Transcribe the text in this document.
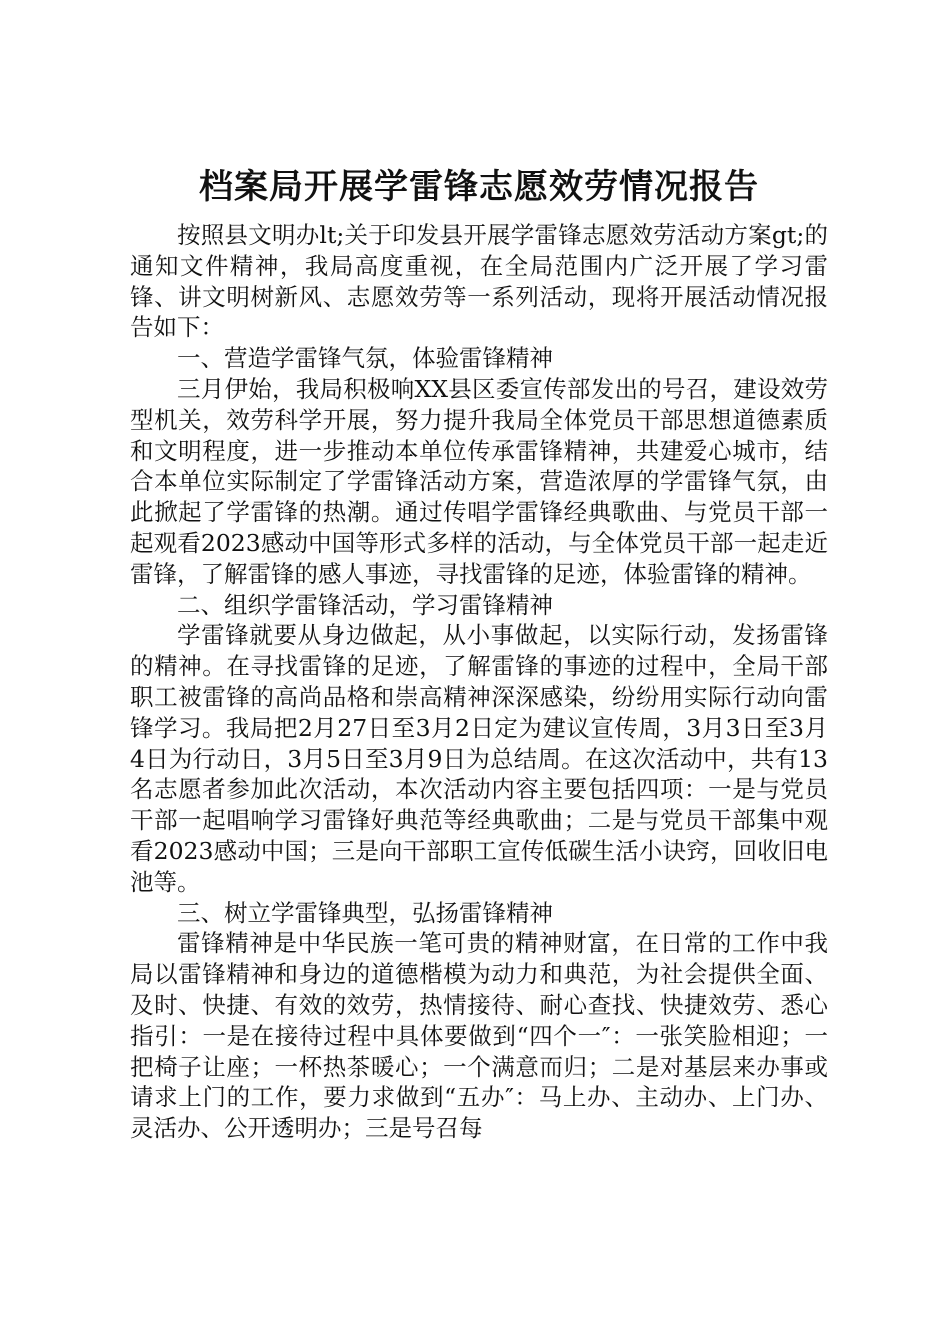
档案局开展学雷锋志愿效劳情况报告

按照县文明办lt;关于印发县开展学雷锋志愿效劳活动方案gt;的通知文件精神，我局高度重视，在全局范围内广泛开展了学习雷锋、讲文明树新风、志愿效劳等一系列活动，现将开展活动情况报告如下：

一、营造学雷锋气氛，体验雷锋精神

三月伊始，我局积极响XX县区委宣传部发出的号召，建设效劳型机关，效劳科学开展，努力提升我局全体党员干部思想道德素质和文明程度，进一步推动本单位传承雷锋精神，共建爱心城市，结合本单位实际制定了学雷锋活动方案，营造浓厚的学雷锋气氛，由此掀起了学雷锋的热潮。通过传唱学雷锋经典歌曲、与党员干部一起观看2023感动中国等形式多样的活动，与全体党员干部一起走近雷锋，了解雷锋的感人事迹，寻找雷锋的足迹，体验雷锋的精神。

二、组织学雷锋活动，学习雷锋精神

学雷锋就要从身边做起，从小事做起，以实际行动，发扬雷锋的精神。在寻找雷锋的足迹，了解雷锋的事迹的过程中，全局干部职工被雷锋的高尚品格和崇高精神深深感染，纷纷用实际行动向雷锋学习。我局把2月27日至3月2日定为建议宣传周，3月3日至3月4日为行动日，3月5日至3月9日为总结周。在这次活动中，共有13名志愿者参加此次活动，本次活动内容主要包括四项：一是与党员干部一起唱响学习雷锋好典范等经典歌曲；二是与党员干部集中观看2023感动中国；三是向干部职工宣传低碳生活小诀窍，回收旧电池等。

三、树立学雷锋典型，弘扬雷锋精神

雷锋精神是中华民族一笔可贵的精神财富，在日常的工作中我局以雷锋精神和身边的道德楷模为动力和典范，为社会提供全面、及时、快捷、有效的效劳，热情接待、耐心查找、快捷效劳、悉心指引：一是在接待过程中具体要做到“四个一″：一张笑脸相迎；一把椅子让座；一杯热茶暖心；一个满意而归；二是对基层来办事或请求上门的工作，要力求做到“五办″：马上办、主动办、上门办、灵活办、公开透明办；三是号召每
